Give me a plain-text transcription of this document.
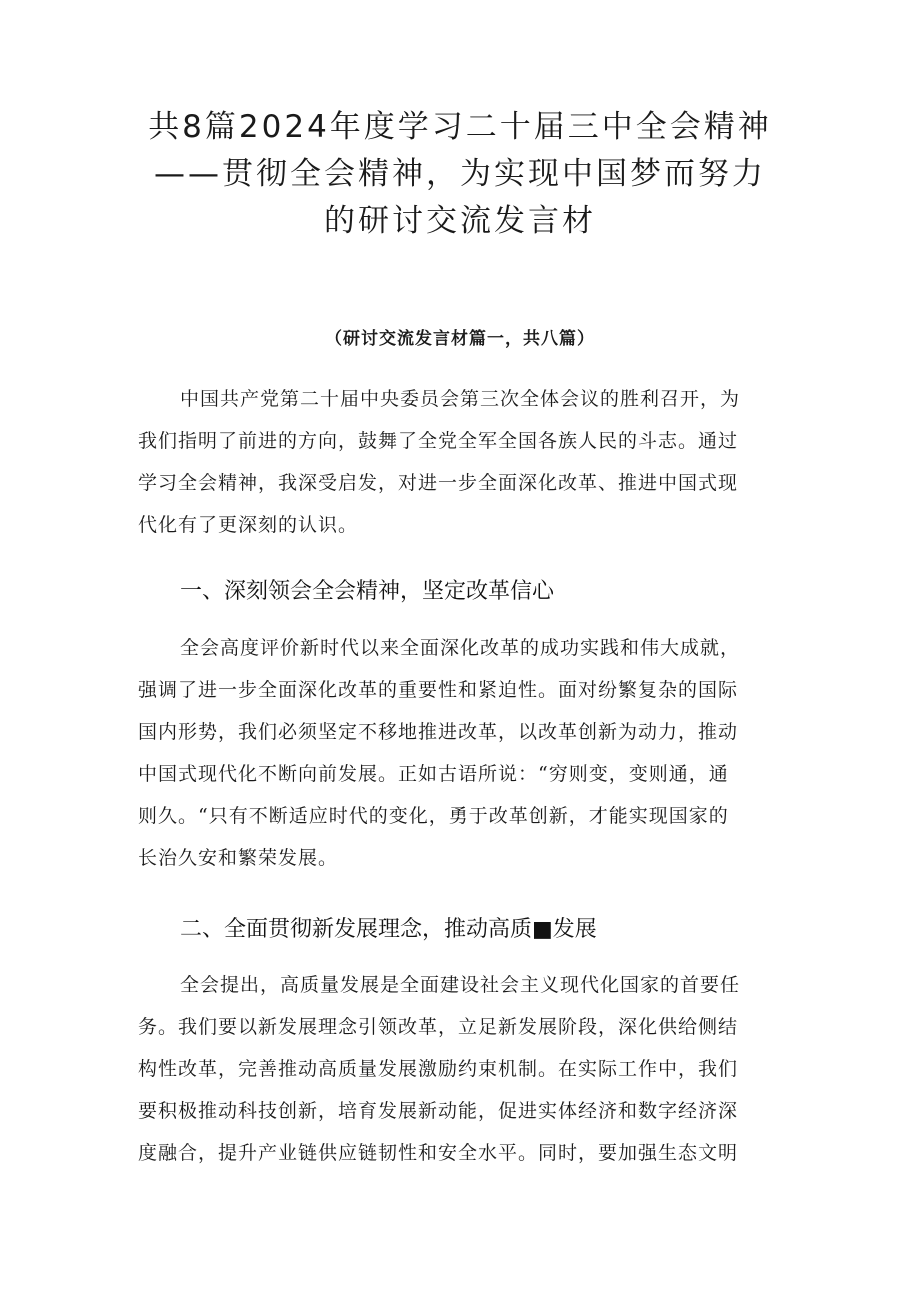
共8篇2024年度学习二十届三中全会精神
——贯彻全会精神，为实现中国梦而努力
的研讨交流发言材
（研讨交流发言材篇一，共八篇）
中国共产党第二十届中央委员会第三次全体会议的胜利召开，为
我们指明了前进的方向，鼓舞了全党全军全国各族人民的斗志。通过
学习全会精神，我深受启发，对进一步全面深化改革、推进中国式现
代化有了更深刻的认识。
一、深刻领会全会精神，坚定改革信心
全会高度评价新时代以来全面深化改革的成功实践和伟大成就，
强调了进一步全面深化改革的重要性和紧迫性。面对纷繁复杂的国际
国内形势，我们必须坚定不移地推进改革，以改革创新为动力，推动
中国式现代化不断向前发展。正如古语所说：“穷则变，变则通，通
则久。“只有不断适应时代的变化，勇于改革创新，才能实现国家的
长治久安和繁荣发展。
二、全面贯彻新发展理念，推动高质■发展
全会提出，高质量发展是全面建设社会主义现代化国家的首要任
务。我们要以新发展理念引领改革，立足新发展阶段，深化供给侧结
构性改革，完善推动高质量发展激励约束机制。在实际工作中，我们
要积极推动科技创新，培育发展新动能，促进实体经济和数字经济深
度融合，提升产业链供应链韧性和安全水平。同时，要加强生态文明
